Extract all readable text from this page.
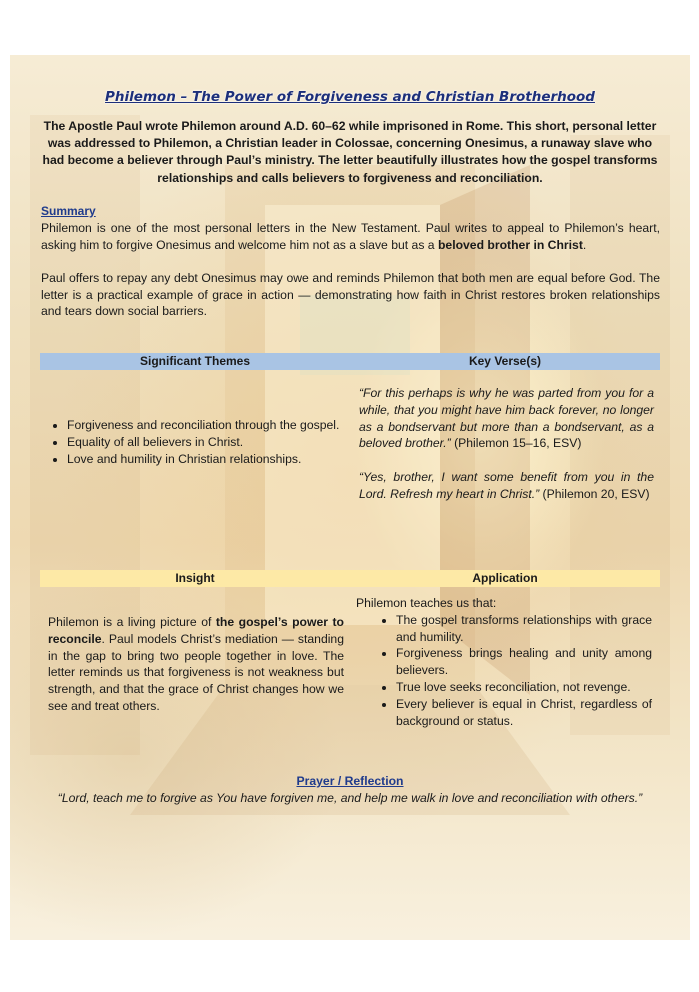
Philemon – The Power of Forgiveness and Christian Brotherhood
The Apostle Paul wrote Philemon around A.D. 60–62 while imprisoned in Rome. This short, personal letter was addressed to Philemon, a Christian leader in Colossae, concerning Onesimus, a runaway slave who had become a believer through Paul’s ministry. The letter beautifully illustrates how the gospel transforms relationships and calls believers to forgiveness and reconciliation.
Summary
Philemon is one of the most personal letters in the New Testament. Paul writes to appeal to Philemon’s heart, asking him to forgive Onesimus and welcome him not as a slave but as a beloved brother in Christ.
Paul offers to repay any debt Onesimus may owe and reminds Philemon that both men are equal before God. The letter is a practical example of grace in action — demonstrating how faith in Christ restores broken relationships and tears down social barriers.
Significant Themes	Key Verse(s)
• Forgiveness and reconciliation through the gospel.
• Equality of all believers in Christ.
• Love and humility in Christian relationships.
“For this perhaps is why he was parted from you for a while, that you might have him back forever, no longer as a bondservant but more than a bondservant, as a beloved brother.” (Philemon 15–16, ESV)
“Yes, brother, I want some benefit from you in the Lord. Refresh my heart in Christ.” (Philemon 20, ESV)
Insight	Application
Philemon is a living picture of the gospel’s power to reconcile. Paul models Christ’s mediation — standing in the gap to bring two people together in love. The letter reminds us that forgiveness is not weakness but strength, and that the grace of Christ changes how we see and treat others.
Philemon teaches us that:
• The gospel transforms relationships with grace and humility.
• Forgiveness brings healing and unity among believers.
• True love seeks reconciliation, not revenge.
• Every believer is equal in Christ, regardless of background or status.
Prayer / Reflection
“Lord, teach me to forgive as You have forgiven me, and help me walk in love and reconciliation with others.”
